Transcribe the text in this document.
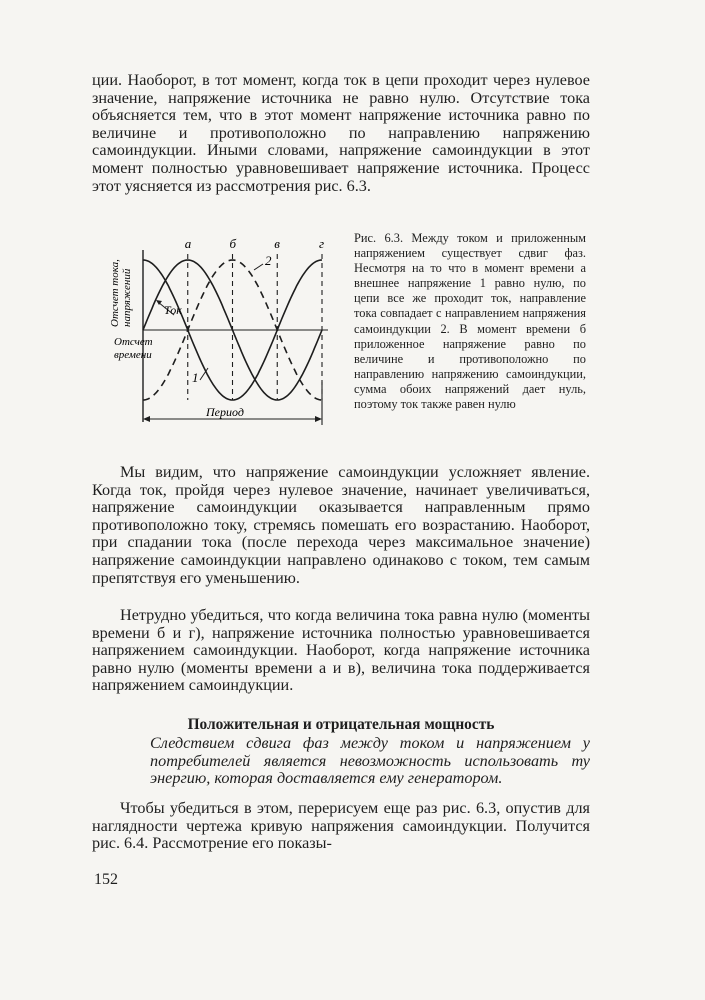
ции. Наоборот, в тот момент, когда ток в цепи проходит через нулевое значение, напряжение источника не равно нулю. Отсутствие тока объясняется тем, что в этот момент напряжение источника равно по величине и противоположно по направлению напряжению самоиндукции. Иными словами, напряжение самоиндукции в этот момент полностью уравновешивает напряжение источника. Процесс этот уясняется из рассмотрения рис. 6.3.

а	б	в	г
2
1
Ток
Отсчет тока, напряжений
Отсчет
времени
Период

Рис. 6.3. Между током и приложенным напряжением существует сдвиг фаз. Несмотря на то что в момент времени а внешнее напряжение 1 равно нулю, по цепи все же проходит ток, направление тока совпадает с направлением напряжения самоиндукции 2. В момент времени б приложенное напряжение равно по величине и противоположно по направлению напряжению самоиндукции, сумма обоих напряжений дает нуль, поэтому ток также равен нулю

Мы видим, что напряжение самоиндукции усложняет явление. Когда ток, пройдя через нулевое значение, начинает увеличиваться, напряжение самоиндукции оказывается направленным прямо противоположно току, стремясь помешать его возрастанию. Наоборот, при спадании тока (после перехода через максимальное значение) напряжение самоиндукции направлено одинаково с током, тем самым препятствуя его уменьшению.

Нетрудно убедиться, что когда величина тока равна нулю (моменты времени б и г), напряжение источника полностью уравновешивается напряжением самоиндукции. Наоборот, когда напряжение источника равно нулю (моменты времени а и в), величина тока поддерживается напряжением самоиндукции.

Положительная и отрицательная мощность

Следствием сдвига фаз между током и напряжением у потребителей является невозможность использовать ту энергию, которая доставляется ему генератором.

Чтобы убедиться в этом, перерисуем еще раз рис. 6.3, опустив для наглядности чертежа кривую напряжения самоиндукции. Получится рис. 6.4. Рассмотрение его показы-

152
